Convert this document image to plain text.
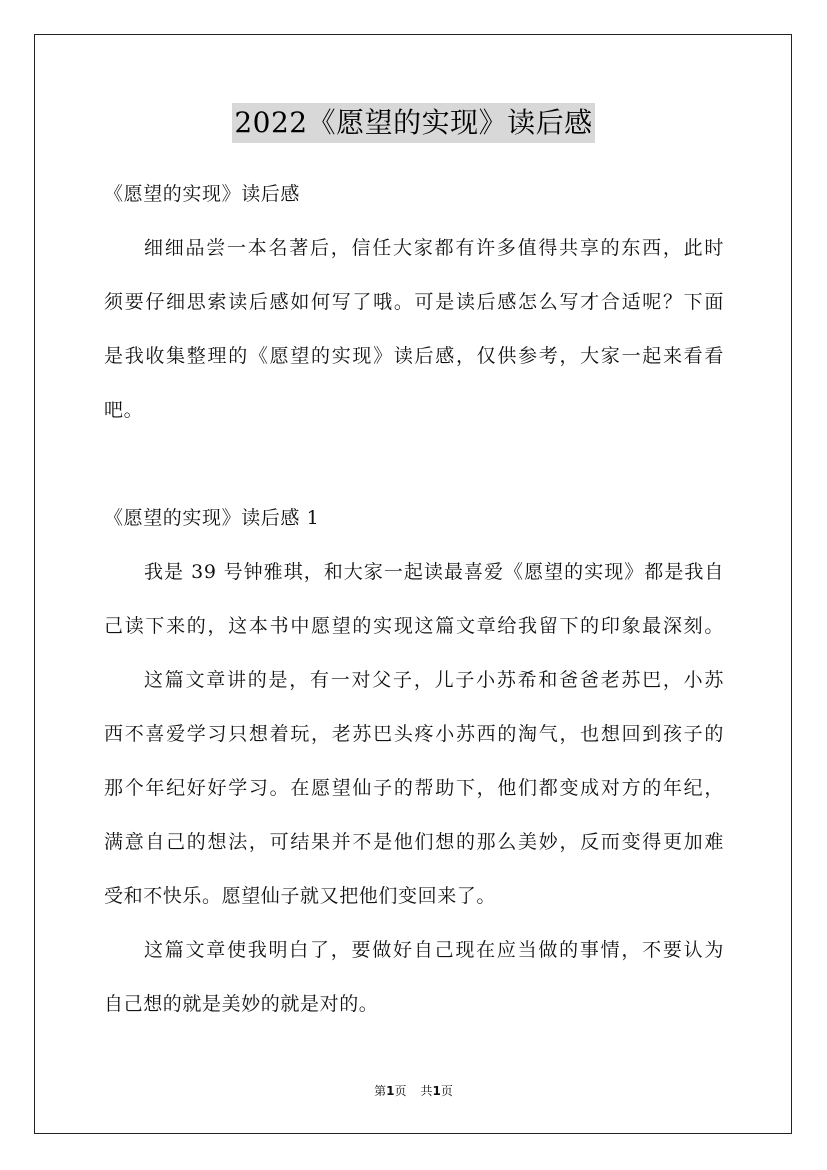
2022《愿望的实现》读后感
《愿望的实现》读后感
细细品尝一本名著后，信任大家都有许多值得共享的东西，此时
须要仔细思索读后感如何写了哦。可是读后感怎么写才合适呢？下面
是我收集整理的《愿望的实现》读后感，仅供参考，大家一起来看看
吧。
《愿望的实现》读后感 1
我是 39 号钟雅琪，和大家一起读最喜爱《愿望的实现》都是我自
己读下来的，这本书中愿望的实现这篇文章给我留下的印象最深刻。
这篇文章讲的是，有一对父子，儿子小苏希和爸爸老苏巴，小苏
西不喜爱学习只想着玩，老苏巴头疼小苏西的淘气，也想回到孩子的
那个年纪好好学习。在愿望仙子的帮助下，他们都变成对方的年纪，
满意自己的想法，可结果并不是他们想的那么美妙，反而变得更加难
受和不快乐。愿望仙子就又把他们变回来了。
这篇文章使我明白了，要做好自己现在应当做的事情，不要认为
自己想的就是美妙的就是对的。
第1页 共1页
